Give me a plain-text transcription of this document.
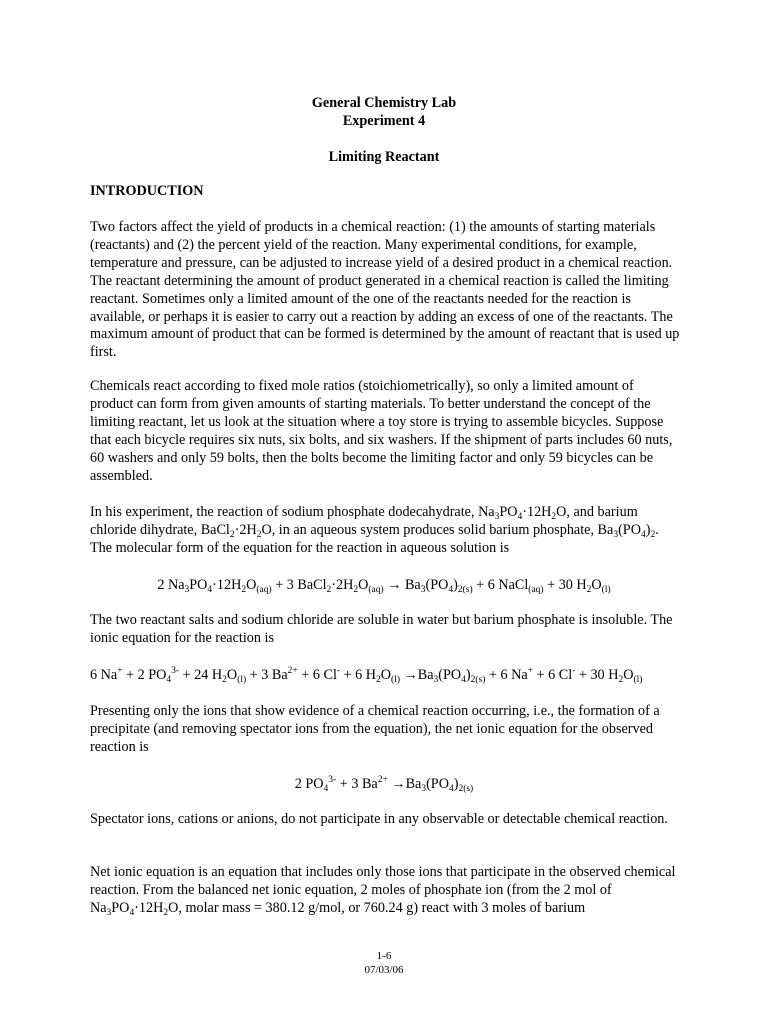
General Chemistry Lab
Experiment 4
Limiting Reactant
INTRODUCTION

Two factors affect the yield of products in a chemical reaction: (1) the amounts of starting materials (reactants) and (2) the percent yield of the reaction. Many experimental conditions, for example, temperature and pressure, can be adjusted to increase yield of a desired product in a chemical reaction. The reactant determining the amount of product generated in a chemical reaction is called the limiting reactant. Sometimes only a limited amount of the one of the reactants needed for the reaction is available, or perhaps it is easier to carry out a reaction by adding an excess of one of the reactants. The maximum amount of product that can be formed is determined by the amount of reactant that is used up first.

Chemicals react according to fixed mole ratios (stoichiometrically), so only a limited amount of product can form from given amounts of starting materials. To better understand the concept of the limiting reactant, let us look at the situation where a toy store is trying to assemble bicycles. Suppose that each bicycle requires six nuts, six bolts, and six washers. If the shipment of parts includes 60 nuts, 60 washers and only 59 bolts, then the bolts become the limiting factor and only 59 bicycles can be assembled.

In his experiment, the reaction of sodium phosphate dodecahydrate, $Na_3PO_4\cdot 12H_2O$, and barium chloride dihydrate, $BaCl_2\cdot 2H_2O$, in an aqueous system produces solid barium phosphate, $Ba_3(PO_4)_2$. The molecular form of the equation for the reaction in aqueous solution is

2 $Na_3PO_4\cdot 12H_2O_{(aq)} + 3$ $BaCl_2\cdot 2H_2O_{(aq)} \to Ba_3(PO_4)_{2(s)} + 6$ NaCl$_{(aq)}$ + 30 $H_2O_{(l)}$

The two reactant salts and sodium chloride are soluble in water but barium phosphate is insoluble. The ionic equation for the reaction is

6 Na+ + 2 $PO_4^{3-} + 24$ $H_2O_{(l)} + 3$ $Ba^{2+} + 6$ Cl- + 6 $H_2O_{(l)} \to Ba_3(PO_4)_{2(s)} + 6$ Na+ + 6 Cl- + 30 $H_2O_{(l)}$

Presenting only the ions that show evidence of a chemical reaction occurring, i.e., the formation of a precipitate (and removing spectator ions from the equation), the net ionic equation for the observed reaction is

2 $PO_4^{3-} + 3$ $Ba^{2+} \to Ba_3(PO_4)_{2(s)}$

Spectator ions, cations or anions, do not participate in any observable or detectable chemical reaction.

Net ionic equation is an equation that includes only those ions that participate in the observed chemical reaction. From the balanced net ionic equation, 2 moles of phosphate ion (from the 2 mol of $Na_3PO_4\cdot 12H_2O$, molar mass = 380.12 g/mol, or 760.24 g) react with 3 moles of barium

1-6
07/03/06
